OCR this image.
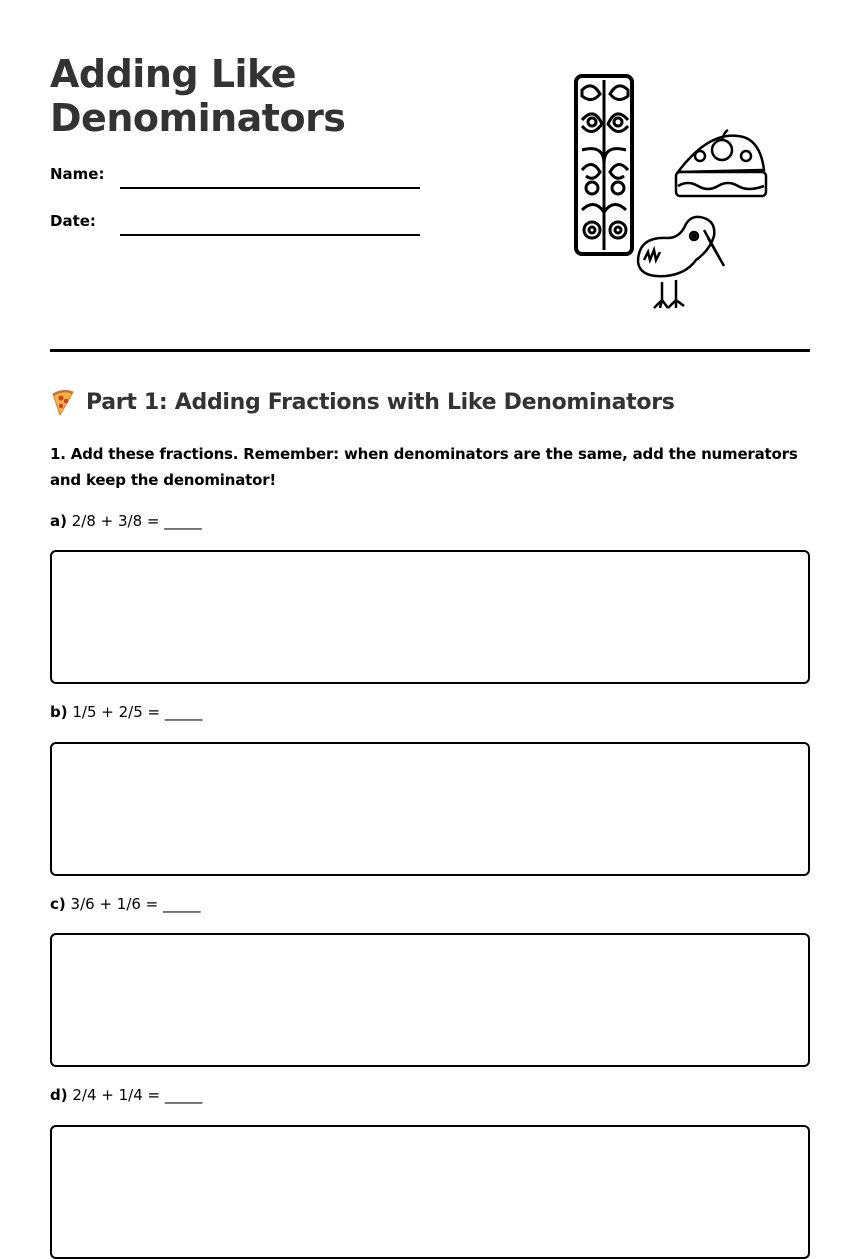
Adding Like
Denominators
Name:
Date:
Part 1: Adding Fractions with Like Denominators

1. Add these fractions. Remember: when denominators are the same, add the numerators and keep the denominator!

a) 2/8 + 3/8 = _____
b) 1/5 + 2/5 = _____
c) 3/6 + 1/6 = _____
d) 2/4 + 1/4 = _____
